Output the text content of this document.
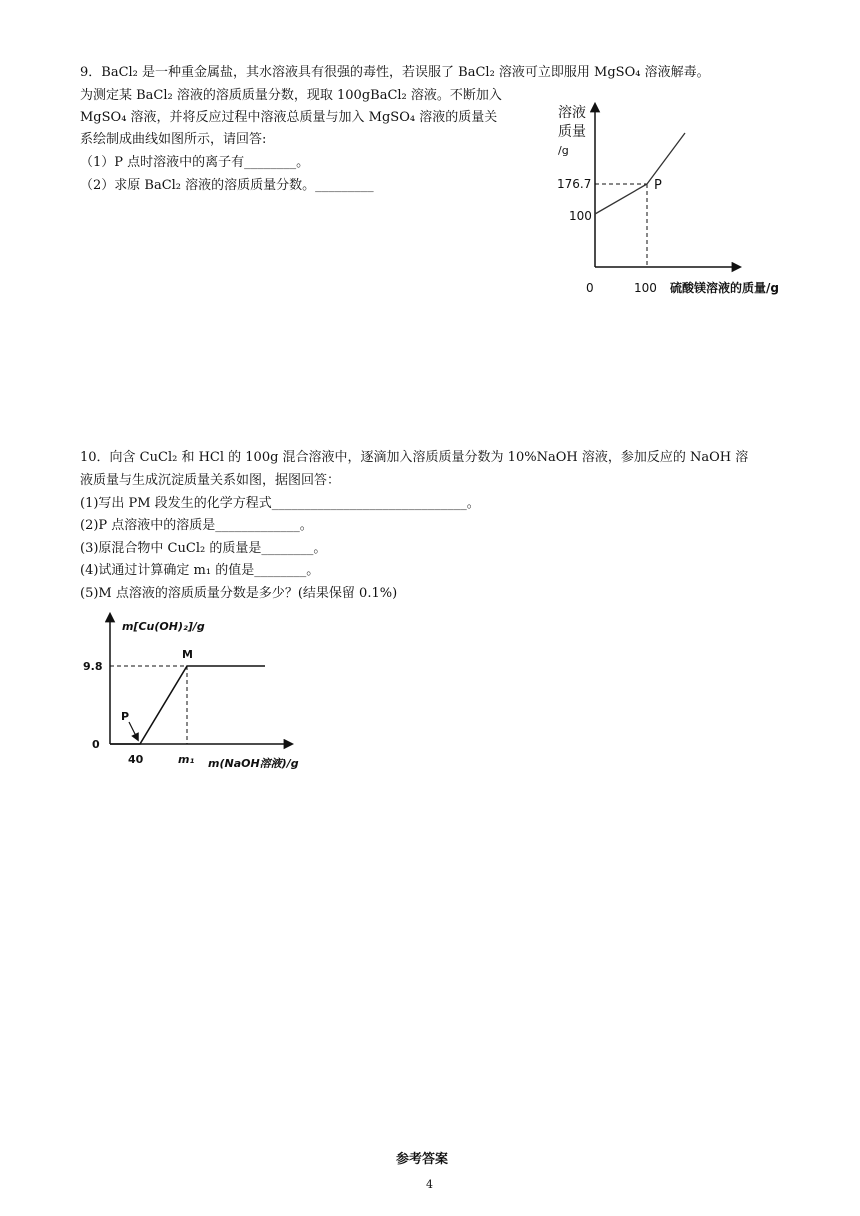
9．BaCl₂ 是一种重金属盐，其水溶液具有很强的毒性，若误服了 BaCl₂ 溶液可立即服用 MgSO₄ 溶液解毒。
为测定某 BaCl₂ 溶液的溶质质量分数，现取 100gBaCl₂ 溶液。不断加入
MgSO₄ 溶液，并将反应过程中溶液总质量与加入 MgSO₄ 溶液的质量关
系绘制成曲线如图所示，请回答:
（1）P 点时溶液中的离子有________。
（2）求原 BaCl₂ 溶液的溶质质量分数。_________
溶液
质量
/g
176.7
100
P
0	100 硫酸镁溶液的质量/g
10．向含 CuCl₂ 和 HCl 的 100g 混合溶液中，逐滴加入溶质质量分数为 10%NaOH 溶液，参加反应的 NaOH 溶
液质量与生成沉淀质量关系如图，据图回答：
(1)写出 PM 段发生的化学方程式______________________________。
(2)P 点溶液中的溶质是_____________。
(3)原混合物中 CuCl₂ 的质量是________。
(4)试通过计算确定 m₁ 的值是________。
(5)M 点溶液的溶质质量分数是多少？(结果保留 0.1%)
m[Cu(OH)₂]/g
9.8
M
P
0
40	m₁ m(NaOH溶液)/g
参考答案
4
